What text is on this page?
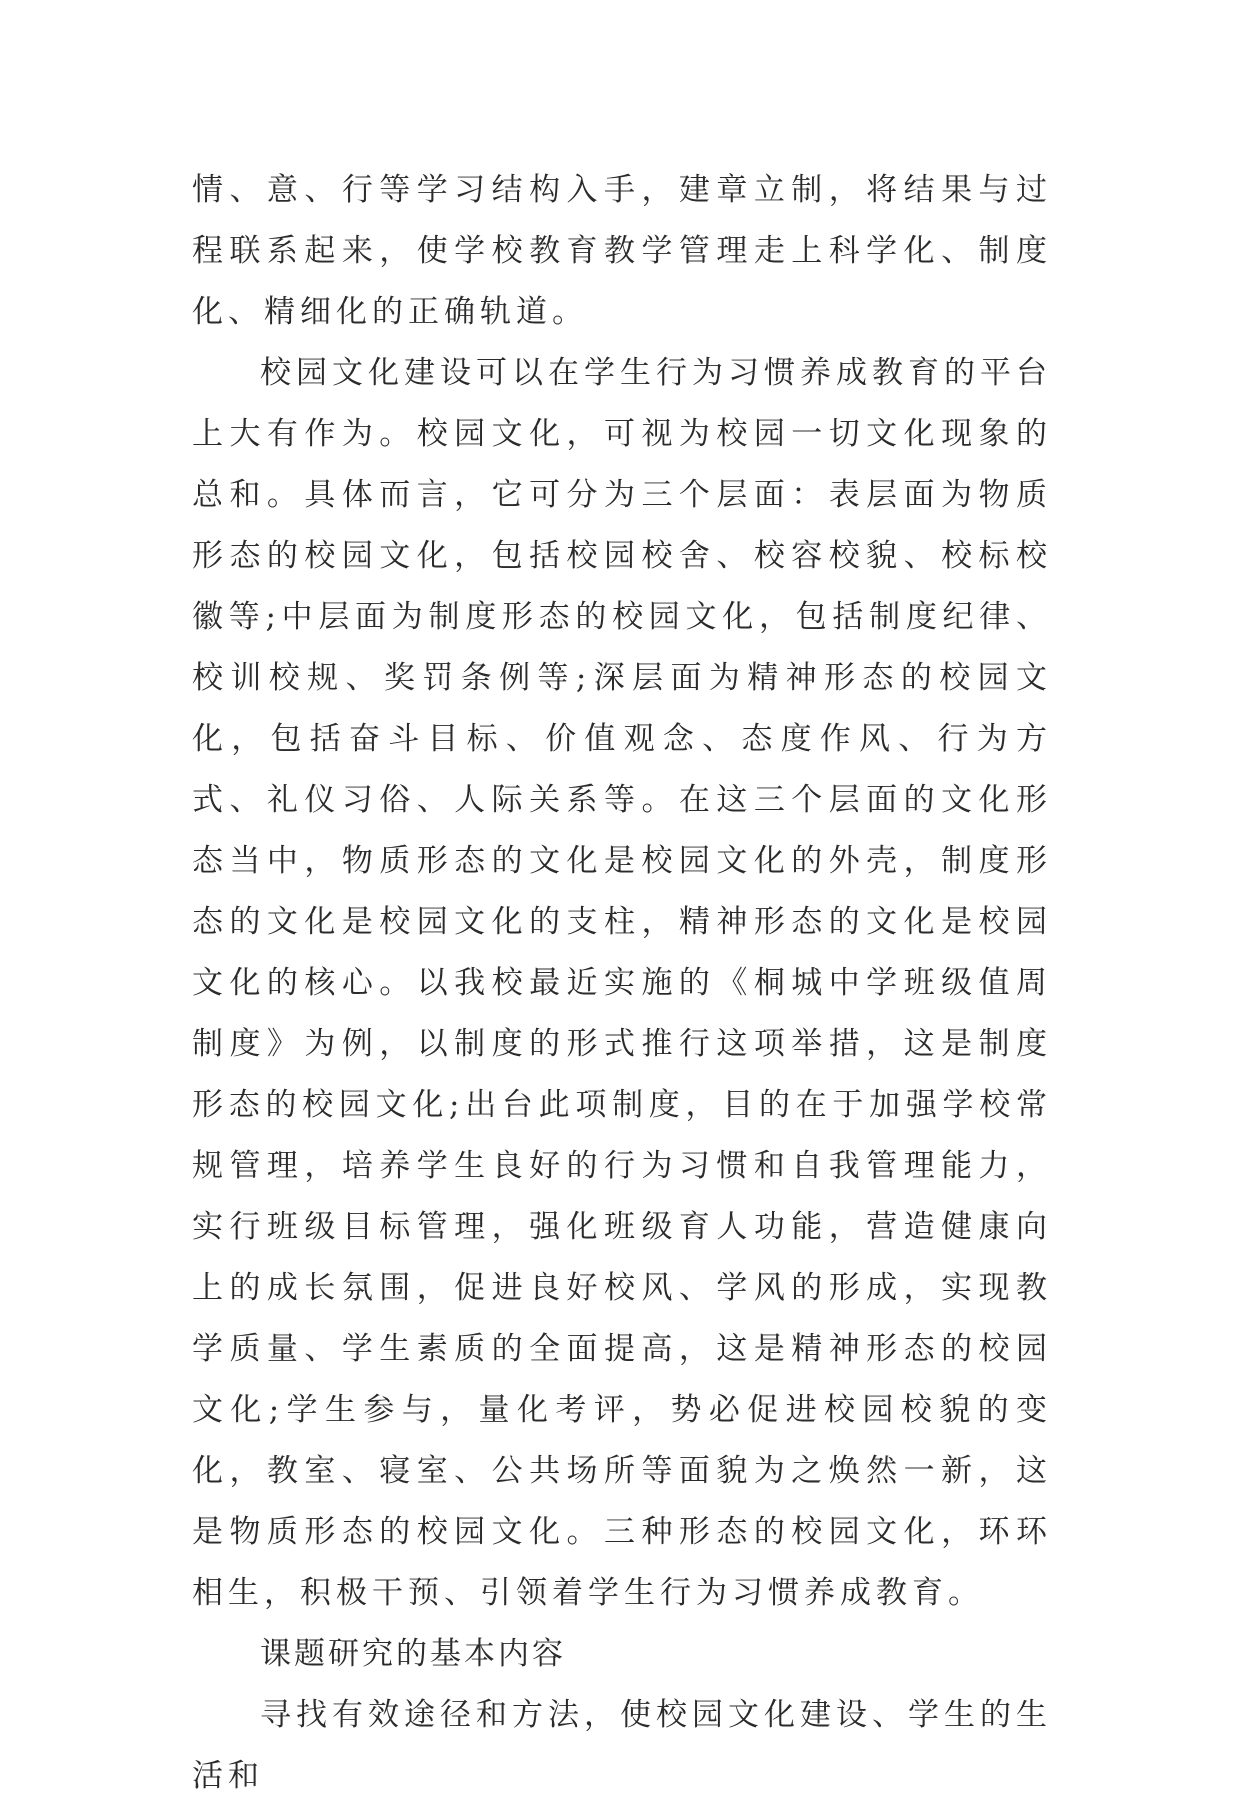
情、意、行等学习结构入手，建章立制，将结果与过程联系起来，使学校教育教学管理走上科学化、制度化、精细化的正确轨道。

校园文化建设可以在学生行为习惯养成教育的平台上大有作为。校园文化，可视为校园一切文化现象的总和。具体而言，它可分为三个层面：表层面为物质形态的校园文化，包括校园校舍、校容校貌、校标校徽等;中层面为制度形态的校园文化，包括制度纪律、校训校规、奖罚条例等;深层面为精神形态的校园文化，包括奋斗目标、价值观念、态度作风、行为方式、礼仪习俗、人际关系等。在这三个层面的文化形态当中，物质形态的文化是校园文化的外壳，制度形态的文化是校园文化的支柱，精神形态的文化是校园文化的核心。以我校最近实施的《桐城中学班级值周制度》为例，以制度的形式推行这项举措，这是制度形态的校园文化;出台此项制度，目的在于加强学校常规管理，培养学生良好的行为习惯和自我管理能力，实行班级目标管理，强化班级育人功能，营造健康向上的成长氛围，促进良好校风、学风的形成，实现教学质量、学生素质的全面提高，这是精神形态的校园文化;学生参与，量化考评，势必促进校园校貌的变化，教室、寝室、公共场所等面貌为之焕然一新，这是物质形态的校园文化。三种形态的校园文化，环环相生，积极干预、引领着学生行为习惯养成教育。

课题研究的基本内容

寻找有效途径和方法，使校园文化建设、学生的生活和
